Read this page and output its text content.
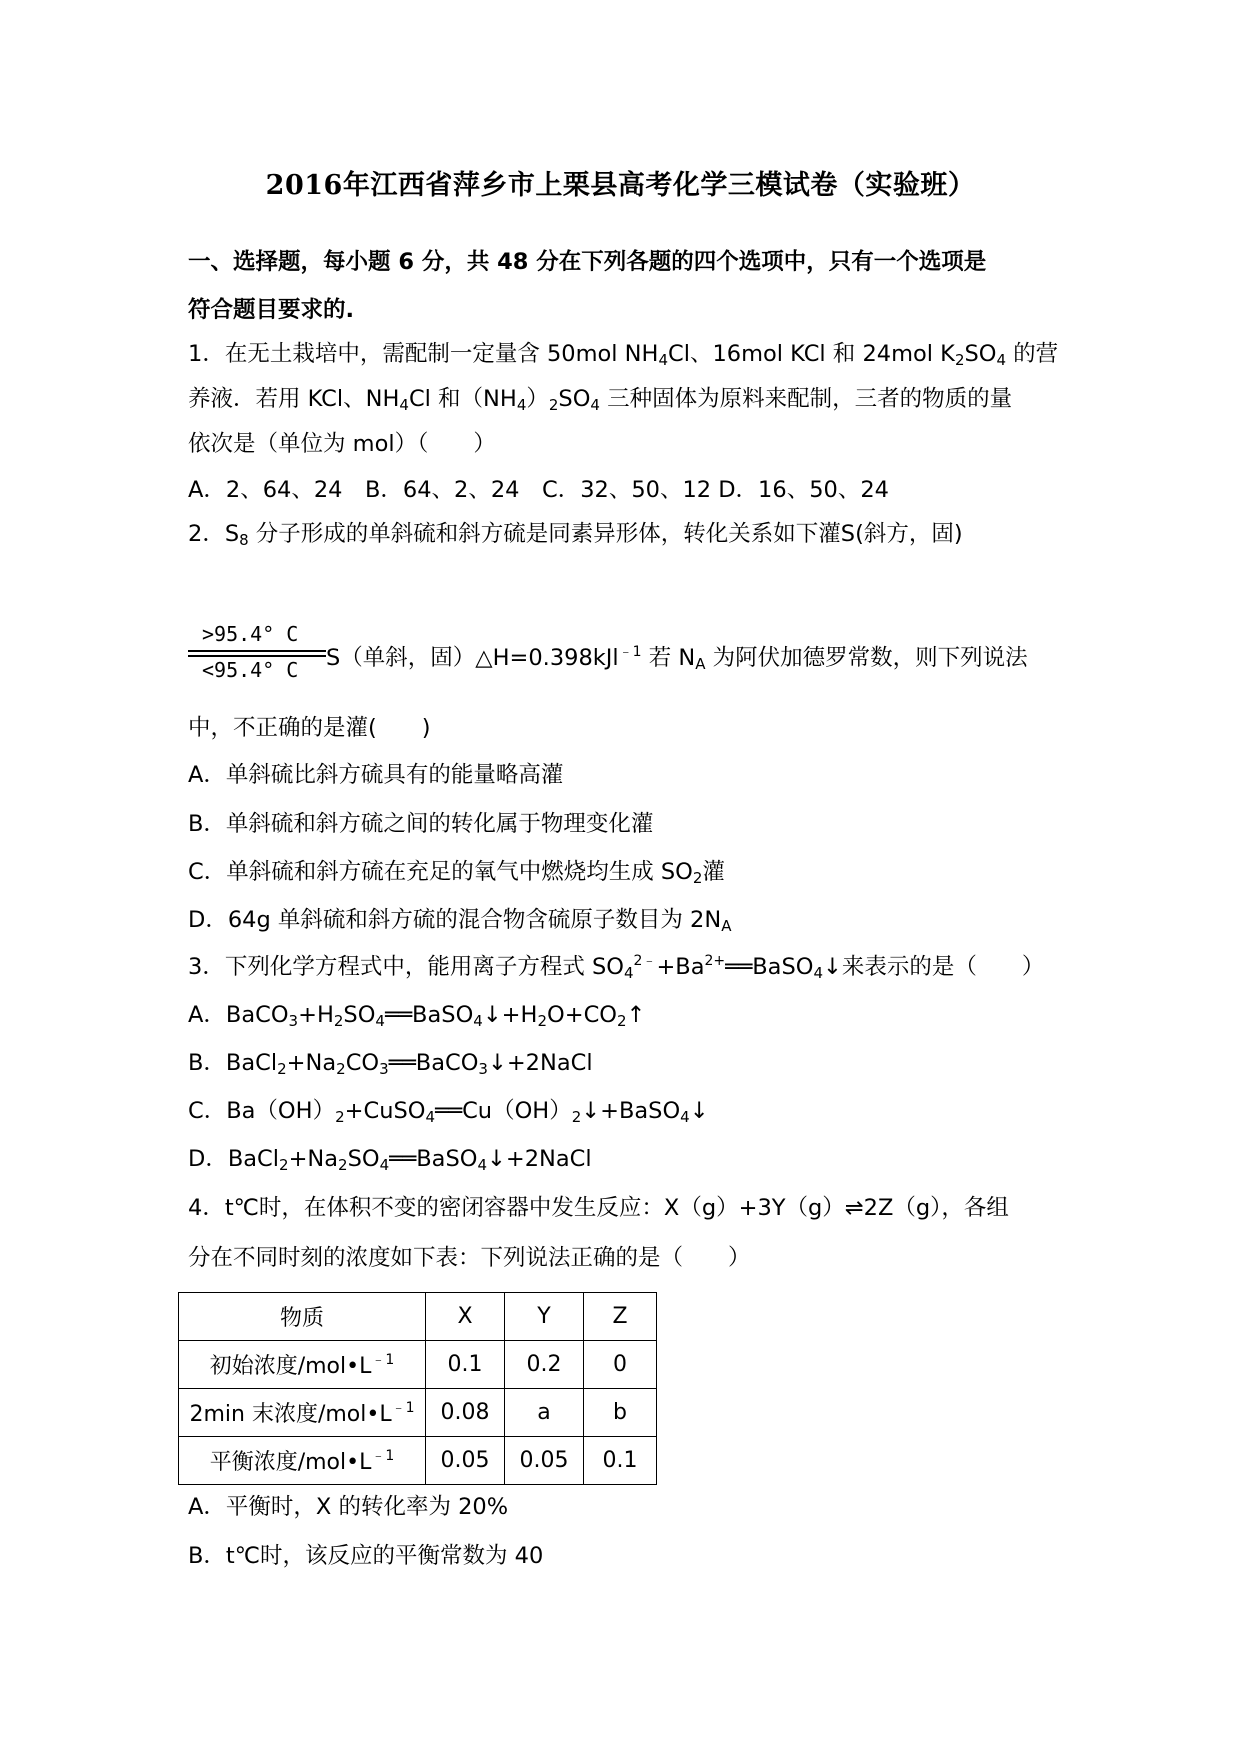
2016年江西省萍乡市上栗县高考化学三模试卷（实验班）
一、选择题，每小题 6 分，共 48 分在下列各题的四个选项中，只有一个选项是
符合题目要求的.
1．在无土栽培中，需配制一定量含 50mol $NH_4Cl$、16mol KCl 和 24mol $K_2SO_4$ 的营
养液．若用 KCl、$NH_4Cl$ 和$(NH_4)_2SO_4$ 三种固体为原料来配制，三者的物质的量
依次是（单位为 mol）（　　）
A．2、64、24　B．64、2、24　C．32、50、12 D．16、50、24
2．$S_8$ 分子形成的单斜硫和斜方硫是同素异形体，转化关系如下灌S(斜方，固)
>95.4° C
<95.4° C S（单斜，固）△H=0.398kJl$^{﹣1}$ 若 $N_A$ 为阿伏加德罗常数，则下列说法
中，不正确的是灌(　　)
A．单斜硫比斜方硫具有的能量略高灌
B．单斜硫和斜方硫之间的转化属于物理变化灌
C．单斜硫和斜方硫在充足的氧气中燃烧均生成 $SO_2$灌
D．64g 单斜硫和斜方硫的混合物含硫原子数目为 $2N_A$
3．下列化学方程式中，能用离子方程式 $SO_4^{2﹣}+Ba^{2+}══BaSO_4↓$来表示的是（　　）
A．$BaCO_3+H_2SO_4══BaSO_4↓+H_2O+CO_2↑$
B．$BaCl_2+Na_2CO_3══BaCO_3↓+2NaCl$
C．$Ba(OH)_2+CuSO_4══Cu(OH)_2↓+BaSO_4↓$
D．$BaCl_2+Na_2SO_4══BaSO_4↓+2NaCl$
4．t℃时，在体积不变的密闭容器中发生反应：X（g）+3Y（g）⇌2Z（g），各组
分在不同时刻的浓度如下表：下列说法正确的是（　　）
物质	X	Y	Z
初始浓度$/mol•L^{﹣1}$	0.1	0.2	0
2min 末浓度$/mol•L^{﹣1}$	0.08	a	b
平衡浓度$/mol•L^{﹣1}$	0.05	0.05	0.1
A．平衡时，X 的转化率为 20%
B．t℃时，该反应的平衡常数为 40
